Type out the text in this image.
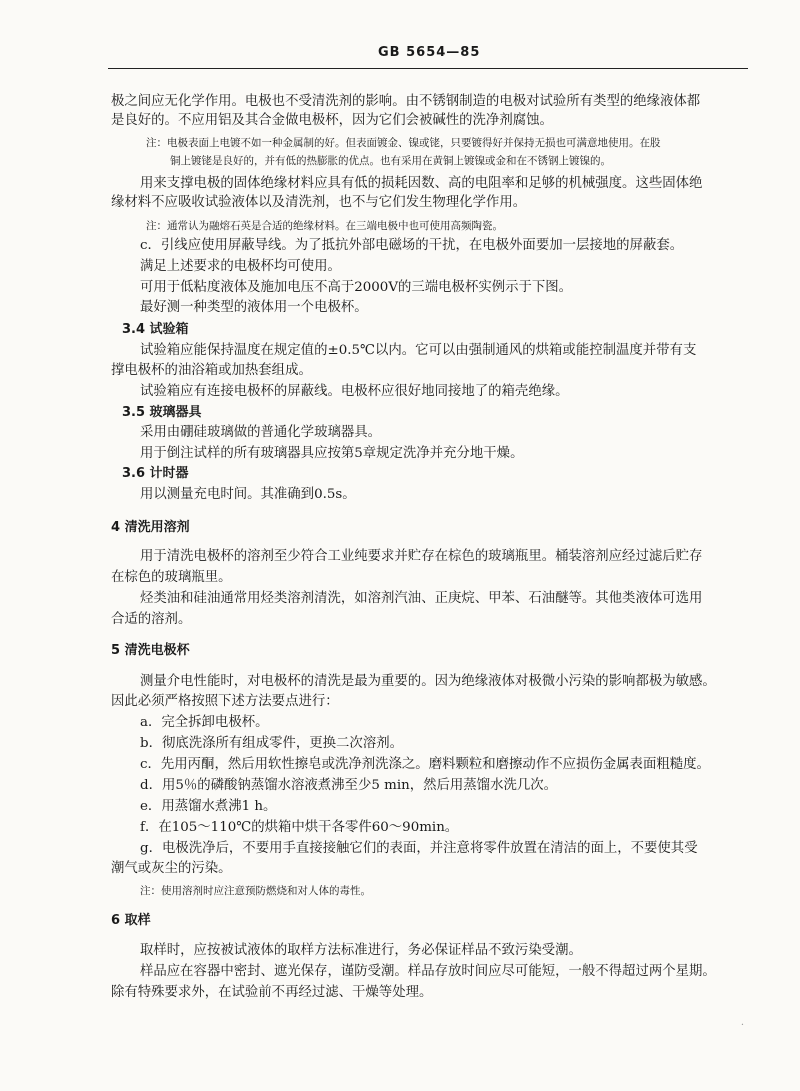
GB 5654—85
极之间应无化学作用。电极也不受清洗剂的影响。由不锈钢制造的电极对试验所有类型的绝缘液体都
是良好的。不应用铝及其合金做电极杯，因为它们会被碱性的洗净剂腐蚀。
注：电极表面上电镀不如一种金属制的好。但表面镀金、镍或铑，只要镀得好并保持无损也可满意地使用。在股
铜上镀铑是良好的，并有低的热膨胀的优点。也有采用在黄铜上镀镍或金和在不锈钢上镀镍的。
用来支撑电极的固体绝缘材料应具有低的损耗因数、高的电阻率和足够的机械强度。这些固体绝
缘材料不应吸收试验液体以及清洗剂，也不与它们发生物理化学作用。
注：通常认为融熔石英是合适的绝缘材料。在三端电极中也可使用高频陶瓷。
c．引线应使用屏蔽导线。为了抵抗外部电磁场的干扰，在电极外面要加一层接地的屏蔽套。
满足上述要求的电极杯均可使用。
可用于低粘度液体及施加电压不高于2000V的三端电极杯实例示于下图。
最好测一种类型的液体用一个电极杯。
3.4 试验箱
试验箱应能保持温度在规定值的±0.5℃以内。它可以由强制通风的烘箱或能控制温度并带有支
撑电极杯的油浴箱或加热套组成。
试验箱应有连接电极杯的屏蔽线。电极杯应很好地同接地了的箱壳绝缘。
3.5 玻璃器具
采用由硼硅玻璃做的普通化学玻璃器具。
用于倒注试样的所有玻璃器具应按第5章规定洗净并充分地干燥。
3.6 计时器
用以测量充电时间。其准确到0.5s。
4 清洗用溶剂
用于清洗电极杯的溶剂至少符合工业纯要求并贮存在棕色的玻璃瓶里。桶装溶剂应经过滤后贮存
在棕色的玻璃瓶里。
烃类油和硅油通常用烃类溶剂清洗，如溶剂汽油、正庚烷、甲苯、石油醚等。其他类液体可选用
合适的溶剂。
5 清洗电极杯
测量介电性能时，对电极杯的清洗是最为重要的。因为绝缘液体对极微小污染的影响都极为敏感。
因此必须严格按照下述方法要点进行：
a．完全拆卸电极杯。
b．彻底洗涤所有组成零件，更换二次溶剂。
c．先用丙酮，然后用软性擦皂或洗净剂洗涤之。磨料颗粒和磨擦动作不应损伤金属表面粗糙度。
d．用5％的磷酸钠蒸馏水溶液煮沸至少5 min，然后用蒸馏水洗几次。
e．用蒸馏水煮沸1 h。
f．在105～110℃的烘箱中烘干各零件60～90min。
g．电极洗净后，不要用手直接接触它们的表面，并注意将零件放置在清洁的面上，不要使其受
潮气或灰尘的污染。
注：使用溶剂时应注意预防燃烧和对人体的毒性。
6 取样
取样时，应按被试液体的取样方法标准进行，务必保证样品不致污染受潮。
样品应在容器中密封、遮光保存，谨防受潮。样品存放时间应尽可能短，一般不得超过两个星期。
除有特殊要求外，在试验前不再经过滤、干燥等处理。
·
